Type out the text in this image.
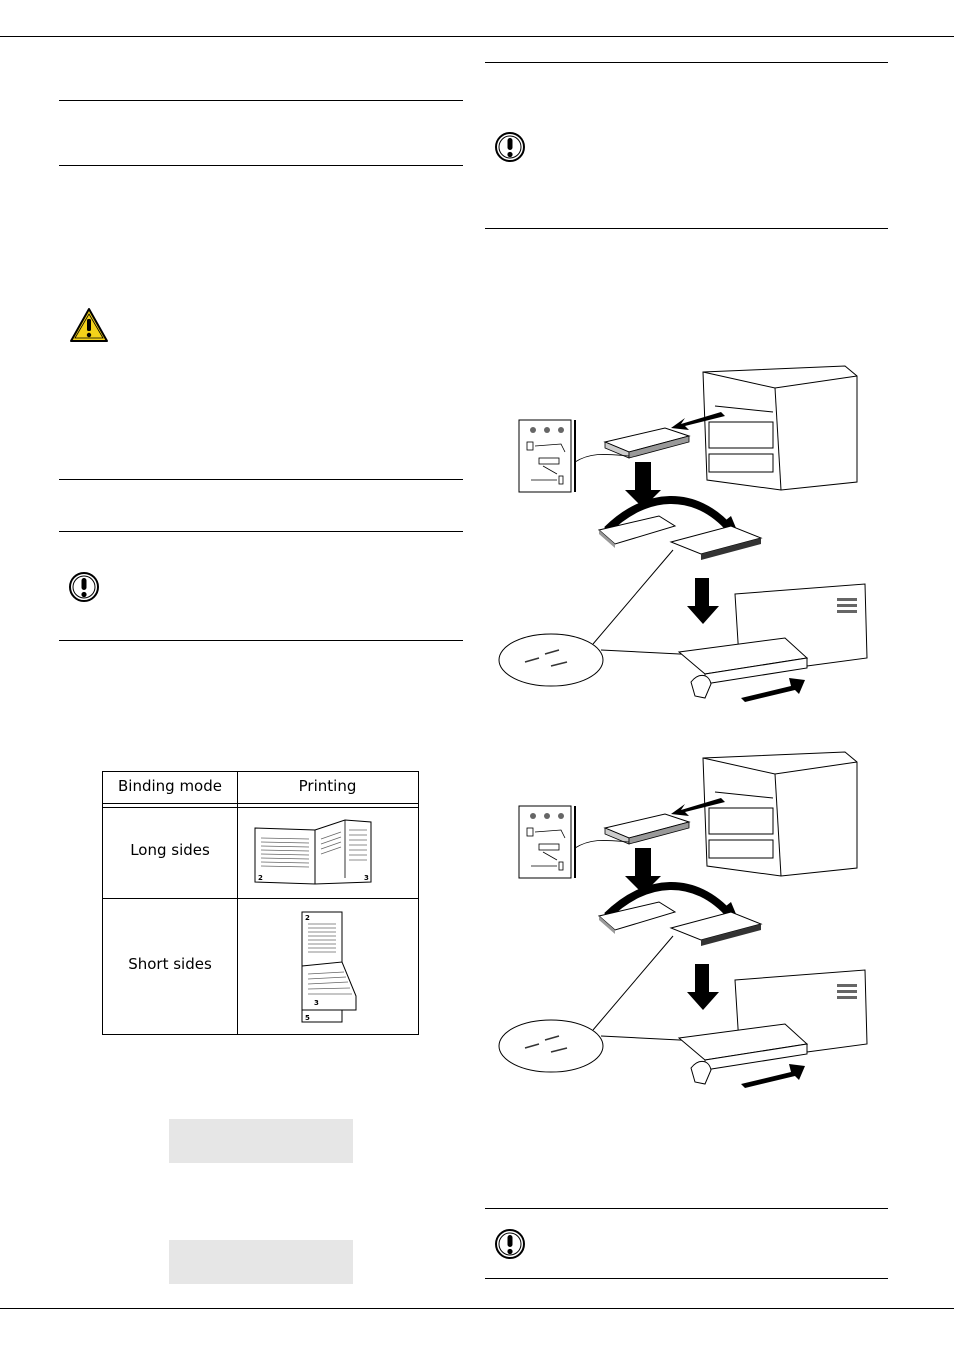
Binding mode	Printing
Long sides
Short sides
2	3
2
3
5
